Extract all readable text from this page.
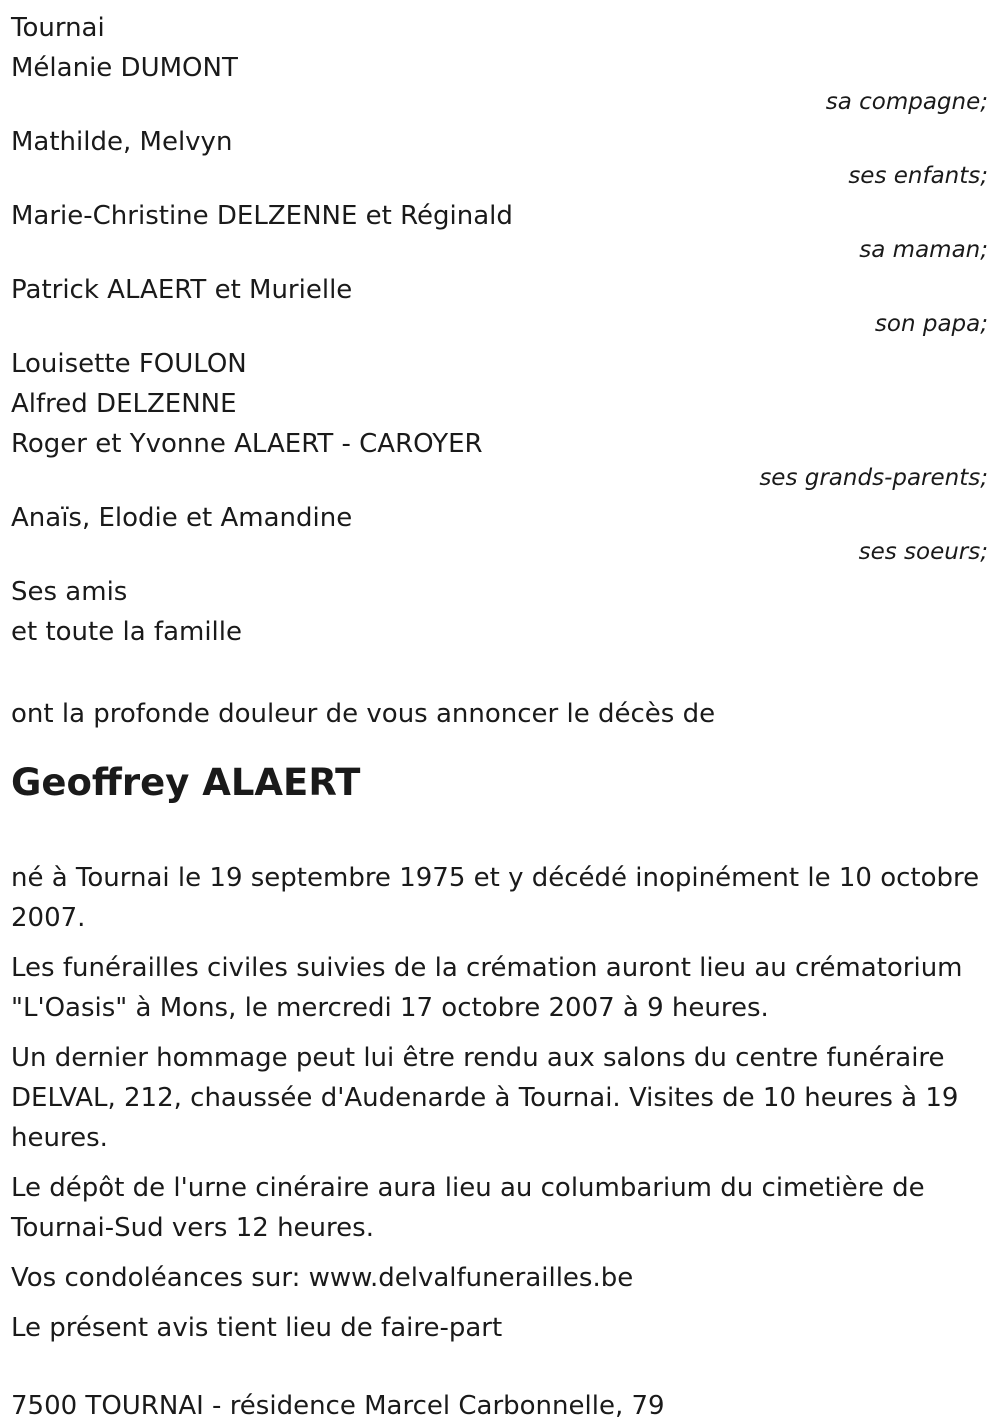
Tournai
Mélanie DUMONT
sa compagne;
Mathilde, Melvyn
ses enfants;
Marie-Christine DELZENNE et Réginald
sa maman;
Patrick ALAERT et Murielle
son papa;
Louisette FOULON
Alfred DELZENNE
Roger et Yvonne ALAERT - CAROYER
ses grands-parents;
Anaïs, Elodie et Amandine
ses soeurs;
Ses amis
et toute la famille
ont la profonde douleur de vous annoncer le décès de
Geoffrey ALAERT

né à Tournai le 19 septembre 1975 et y décédé inopinément le 10 octobre 2007.

Les funérailles civiles suivies de la crémation auront lieu au crématorium "L'Oasis" à Mons, le mercredi 17 octobre 2007 à 9 heures.

Un dernier hommage peut lui être rendu aux salons du centre funéraire DELVAL, 212, chaussée d'Audenarde à Tournai. Visites de 10 heures à 19 heures.

Le dépôt de l'urne cinéraire aura lieu au columbarium du cimetière de Tournai-Sud vers 12 heures.

Vos condoléances sur: www.delvalfunerailles.be

Le présent avis tient lieu de faire-part

7500 TOURNAI - résidence Marcel Carbonnelle, 79
